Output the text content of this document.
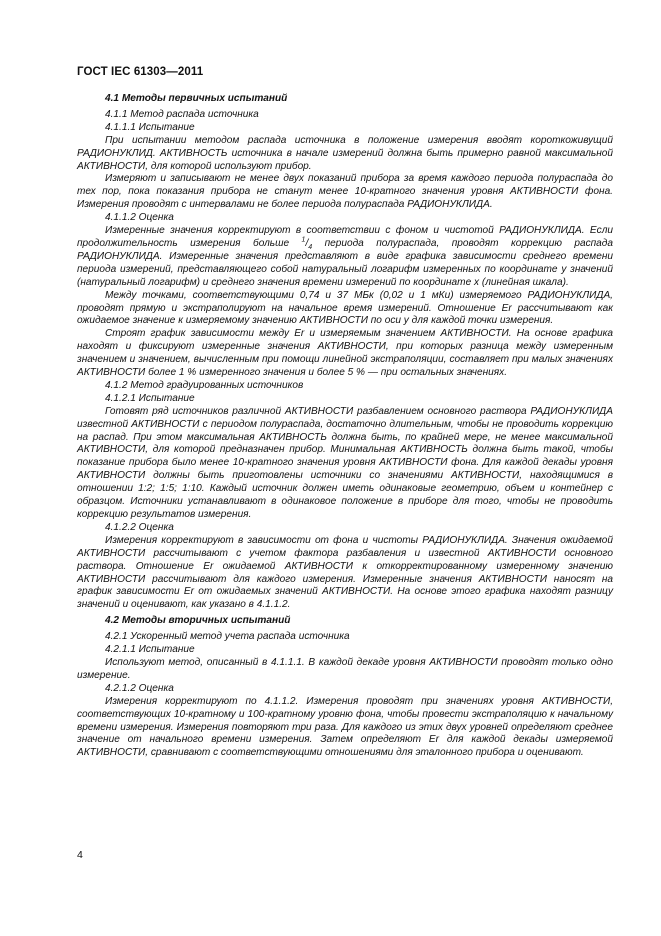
ГОСТ IEC 61303—2011

4.1 Методы первичных испытаний

4.1.1 Метод распада источника

4.1.1.1 Испытание

При испытании методом распада источника в положение измерения вводят короткоживущий РАДИОНУКЛИД. АКТИВНОСТЬ источника в начале измерений должна быть примерно равной максимальной АКТИВНОСТИ, для которой используют прибор.

Измеряют и записывают не менее двух показаний прибора за время каждого периода полураспада до тех пор, пока показания прибора не станут менее 10-кратного значения уровня АКТИВНОСТИ фона. Измерения проводят с интервалами не более периода полураспада РАДИОНУКЛИДА.

4.1.1.2 Оценка

Измеренные значения корректируют в соответствии с фоном и чистотой РАДИОНУКЛИДА. Если продолжительность измерения больше $^1/_4$ периода полураспада, проводят коррекцию распада РАДИОНУКЛИДА. Измеренные значения представляют в виде графика зависимости среднего времени периода измерений, представляющего собой натуральный логарифм измеренных по координате y значений (натуральный логарифм) и среднего значения времени измерений по координате x (линейная шкала).

Между точками, соответствующими 0,74 и 37 МБк (0,02 и 1 мКи) измеряемого РАДИОНУКЛИДА, проводят прямую и экстраполируют на начальное время измерений. Отношение Er рассчитывают как ожидаемое значение к измеряемому значению АКТИВНОСТИ по оси y для каждой точки измерения.

Строят график зависимости между Er и измеряемым значением АКТИВНОСТИ. На основе графика находят и фиксируют измеренные значения АКТИВНОСТИ, при которых разница между измеренным значением и значением, вычисленным при помощи линейной экстраполяции, составляет при малых значениях АКТИВНОСТИ более 1 % измеренного значения и более 5 % — при остальных значениях.

4.1.2 Метод градуированных источников

4.1.2.1 Испытание

Готовят ряд источников различной АКТИВНОСТИ разбавлением основного раствора РАДИОНУКЛИДА известной АКТИВНОСТИ с периодом полураспада, достаточно длительным, чтобы не проводить коррекцию на распад. При этом максимальная АКТИВНОСТЬ должна быть, по крайней мере, не менее максимальной АКТИВНОСТИ, для которой предназначен прибор. Минимальная АКТИВНОСТЬ должна быть такой, чтобы показание прибора было менее 10-кратного значения уровня АКТИВНОСТИ фона. Для каждой декады уровня АКТИВНОСТИ должны быть приготовлены источники со значениями АКТИВНОСТИ, находящимися в отношении 1:2; 1:5; 1:10. Каждый источник должен иметь одинаковые геометрию, объем и контейнер с образцом. Источники устанавливают в одинаковое положение в приборе для того, чтобы не проводить коррекцию результатов измерения.

4.1.2.2 Оценка

Измерения корректируют в зависимости от фона и чистоты РАДИОНУКЛИДА. Значения ожидаемой АКТИВНОСТИ рассчитывают с учетом фактора разбавления и известной АКТИВНОСТИ основного раствора. Отношение Er ожидаемой АКТИВНОСТИ к откорректированному измеренному значению АКТИВНОСТИ рассчитывают для каждого измерения. Измеренные значения АКТИВНОСТИ наносят на график зависимости Er от ожидаемых значений АКТИВНОСТИ. На основе этого графика находят разницу значений и оценивают, как указано в 4.1.1.2.

4.2 Методы вторичных испытаний

4.2.1 Ускоренный метод учета распада источника

4.2.1.1 Испытание

Используют метод, описанный в 4.1.1.1. В каждой декаде уровня АКТИВНОСТИ проводят только одно измерение.

4.2.1.2 Оценка

Измерения корректируют по 4.1.1.2. Измерения проводят при значениях уровня АКТИВНОСТИ, соответствующих 10-кратному и 100-кратному уровню фона, чтобы провести экстраполяцию к начальному времени измерения. Измерения повторяют три раза. Для каждого из этих двух уровней определяют среднее значение от начального времени измерения. Затем определяют Er для каждой декады измеряемой АКТИВНОСТИ, сравнивают с соответствующими отношениями для эталонного прибора и оценивают.

4
